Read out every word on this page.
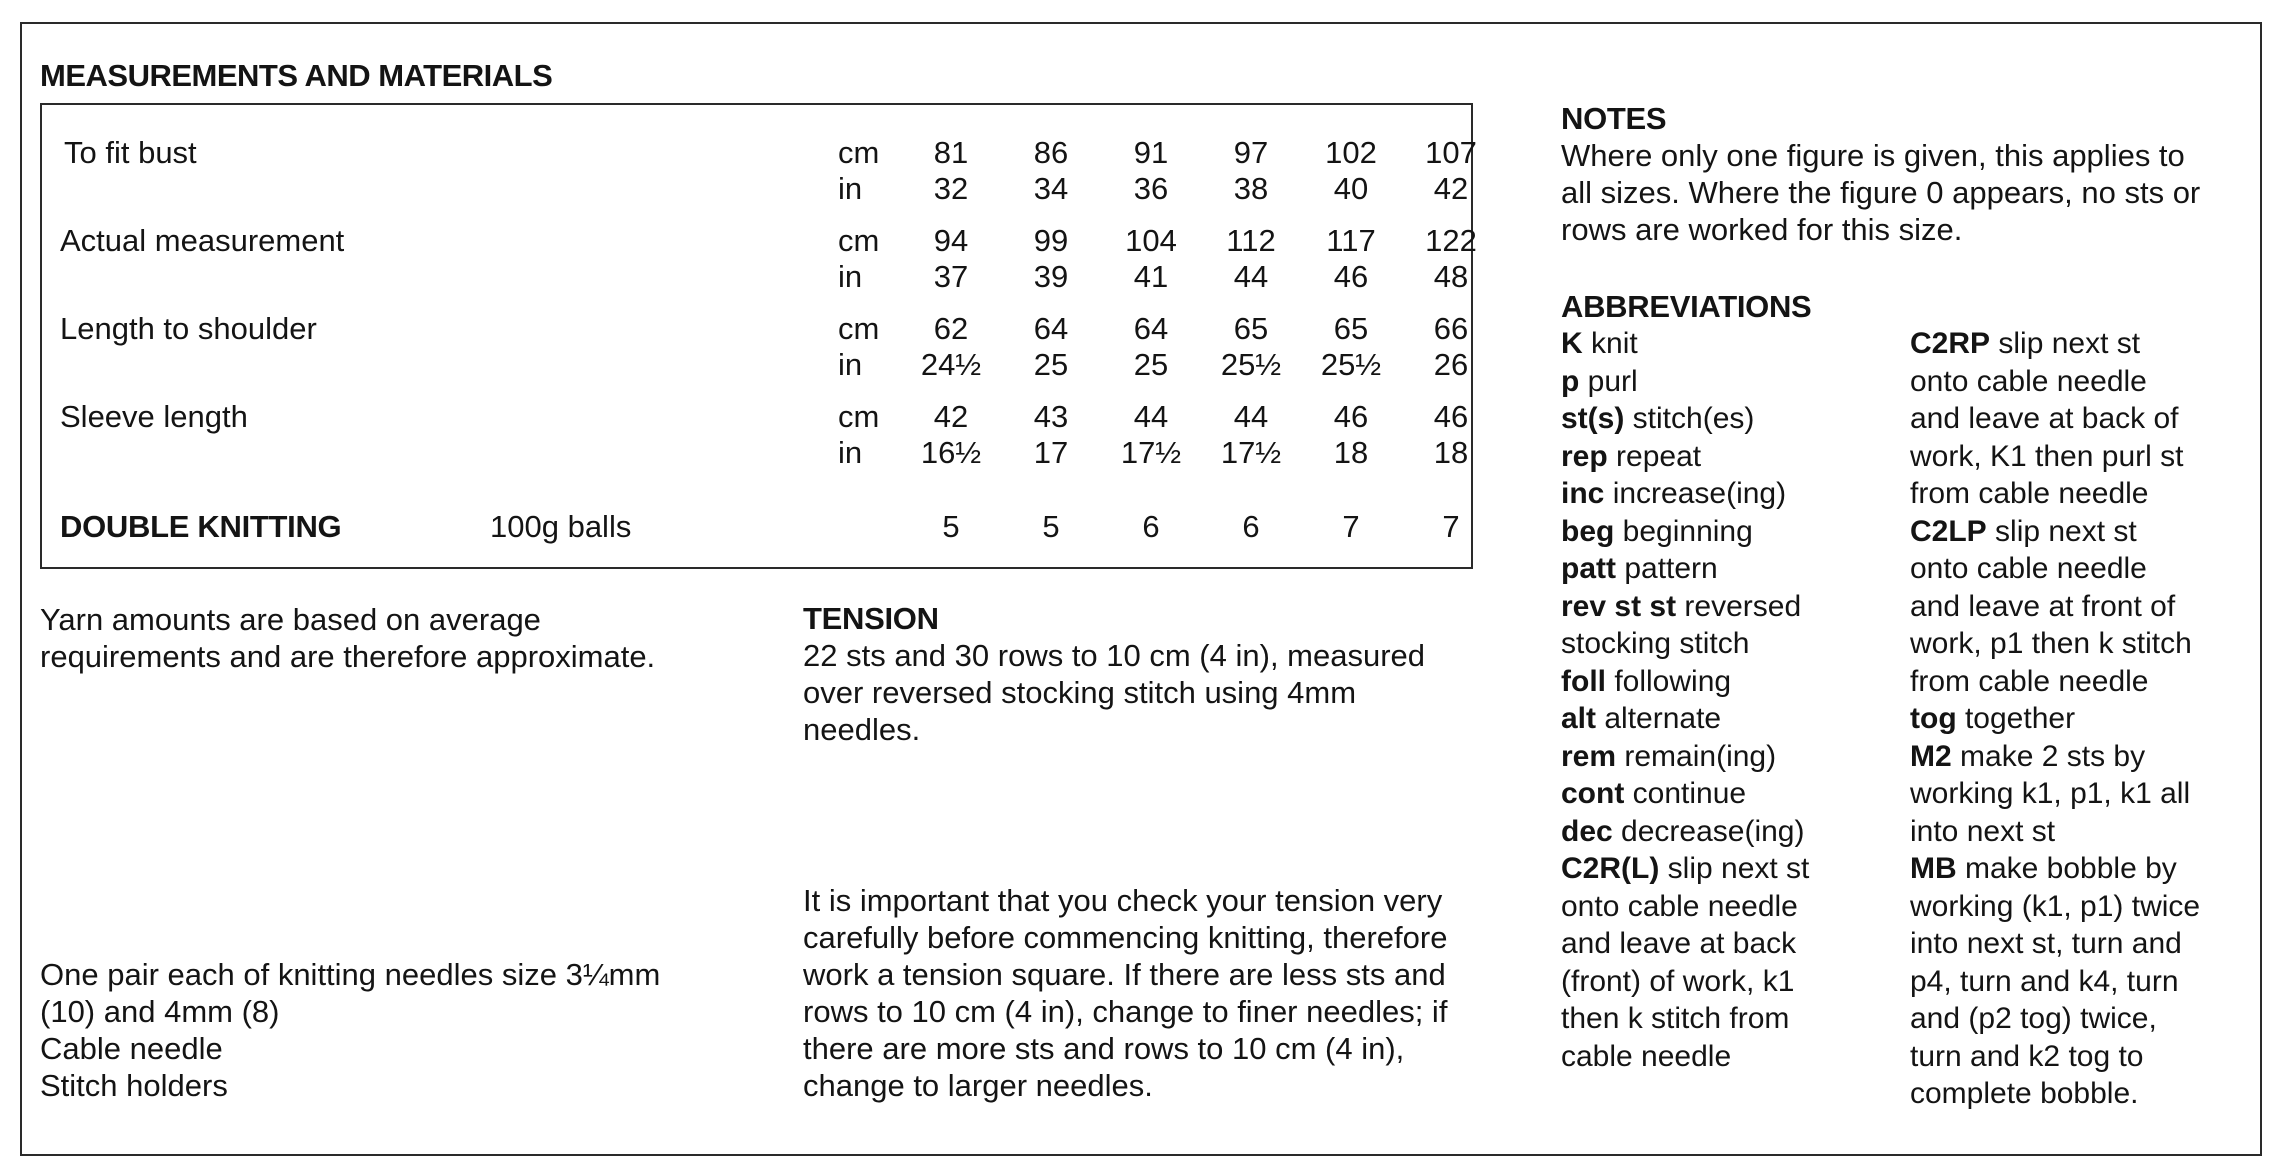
MEASUREMENTS AND MATERIALS
DOUBLE KNITTING	100g balls	5	5	6	6	7	7
To fit bust	cm	81	86	91	97	102	107
in	32	34	36	38	40	42
Actual measurement	cm	94	99	104	112	117	122
in	37	39	41	44	46	48
Length to shoulder	cm	62	64	64	65	65	66
in	24½	25	25	25½	25½	26
Sleeve length	cm	42	43	44	44	46	46
in	16½	17	17½	17½	18	18
Yarn amounts are based on average
requirements and are therefore approximate.
One pair each of knitting needles size 3¼mm
(10) and 4mm (8)
Cable needle
Stitch holders
TENSION
22 sts and 30 rows to 10 cm (4 in), measured
over reversed stocking stitch using 4mm
needles.
It is important that you check your tension very
carefully before commencing knitting, therefore
work a tension square. If there are less sts and
rows to 10 cm (4 in), change to finer needles; if
there are more sts and rows to 10 cm (4 in),
change to larger needles.
NOTES
Where only one figure is given, this applies to
all sizes. Where the figure 0 appears, no sts or
rows are worked for this size.
ABBREVIATIONS
K knit
p purl
st(s) stitch(es)
rep repeat
inc increase(ing)
beg beginning
patt pattern
rev st st reversed
stocking stitch
foll following
alt alternate
rem remain(ing)
cont continue
dec decrease(ing)
C2R(L) slip next st
onto cable needle
and leave at back
(front) of work, k1
then k stitch from
cable needle
C2RP slip next st
onto cable needle
and leave at back of
work, K1 then purl st
from cable needle
C2LP slip next st
onto cable needle
and leave at front of
work, p1 then k stitch
from cable needle
tog together
M2 make 2 sts by
working k1, p1, k1 all
into next st
MB make bobble by
working (k1, p1) twice
into next st, turn and
p4, turn and k4, turn
and (p2 tog) twice,
turn and k2 tog to
complete bobble.
